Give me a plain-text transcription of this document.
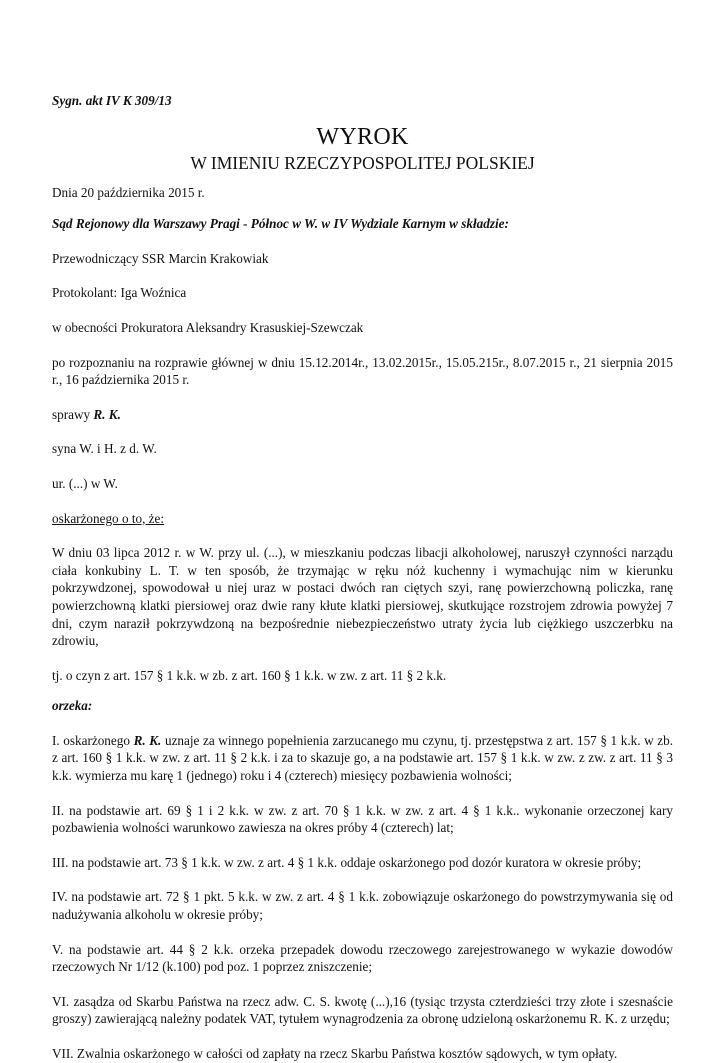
Sygn. akt IV K 309/13

WYROK
W IMIENIU RZECZYPOSPOLITEJ POLSKIEJ

Dnia 20 października 2015 r.

Sąd Rejonowy dla Warszawy Pragi - Północ w W. w IV Wydziale Karnym w składzie:

Przewodniczący SSR Marcin Krakowiak

Protokolant: Iga Woźnica

w obecności Prokuratora Aleksandry Krasuskiej-Szewczak

po rozpoznaniu na rozprawie głównej w dniu 15.12.2014r., 13.02.2015r., 15.05.215r., 8.07.2015 r., 21 sierpnia 2015 r., 16 października 2015 r.

sprawy R. K.

syna W. i H. z d. W.

ur. (...) w W.

oskarżonego o to, że:

W dniu 03 lipca 2012 r. w W. przy ul. (...), w mieszkaniu podczas libacji alkoholowej, naruszył czynności narządu ciała konkubiny L. T. w ten sposób, że trzymając w ręku nóż kuchenny i wymachując nim w kierunku pokrzywdzonej, spowodował u niej uraz w postaci dwóch ran ciętych szyi, ranę powierzchowną policzka, ranę powierzchowną klatki piersiowej oraz dwie rany kłute klatki piersiowej, skutkujące rozstrojem zdrowia powyżej 7 dni, czym naraził pokrzywdzoną na bezpośrednie niebezpieczeństwo utraty życia lub ciężkiego uszczerbku na zdrowiu,

tj. o czyn z art. 157 § 1 k.k. w zb. z art. 160 § 1 k.k. w zw. z art. 11 § 2 k.k.

orzeka:

I. oskarżonego R. K. uznaje za winnego popełnienia zarzucanego mu czynu, tj. przestępstwa z art. 157 § 1 k.k. w zb. z art. 160 § 1 k.k. w zw. z art. 11 § 2 k.k. i za to skazuje go, a na podstawie art. 157 § 1 k.k. w zw. z zw. z art. 11 § 3 k.k. wymierza mu karę 1 (jednego) roku i 4 (czterech) miesięcy pozbawienia wolności;

II. na podstawie art. 69 § 1 i 2 k.k. w zw. z art. 70 § 1 k.k. w zw. z art. 4 § 1 k.k.. wykonanie orzeczonej kary pozbawienia wolności warunkowo zawiesza na okres próby 4 (czterech) lat;

III. na podstawie art. 73 § 1 k.k. w zw. z art. 4 § 1 k.k. oddaje oskarżonego pod dozór kuratora w okresie próby;

IV. na podstawie art. 72 § 1 pkt. 5 k.k. w zw. z art. 4 § 1 k.k. zobowiązuje oskarżonego do powstrzymywania się od nadużywania alkoholu w okresie próby;

V. na podstawie art. 44 § 2 k.k. orzeka przepadek dowodu rzeczowego zarejestrowanego w wykazie dowodów rzeczowych Nr 1/12 (k.100) pod poz. 1 poprzez zniszczenie;

VI. zasądza od Skarbu Państwa na rzecz adw. C. S. kwotę (...),16 (tysiąc trzysta czterdzieści trzy złote i szesnaście groszy) zawierającą należny podatek VAT, tytułem wynagrodzenia za obronę udzieloną oskarżonemu R. K. z urzędu;

VII. Zwalnia oskarżonego w całości od zapłaty na rzecz Skarbu Państwa kosztów sądowych, w tym opłaty.
